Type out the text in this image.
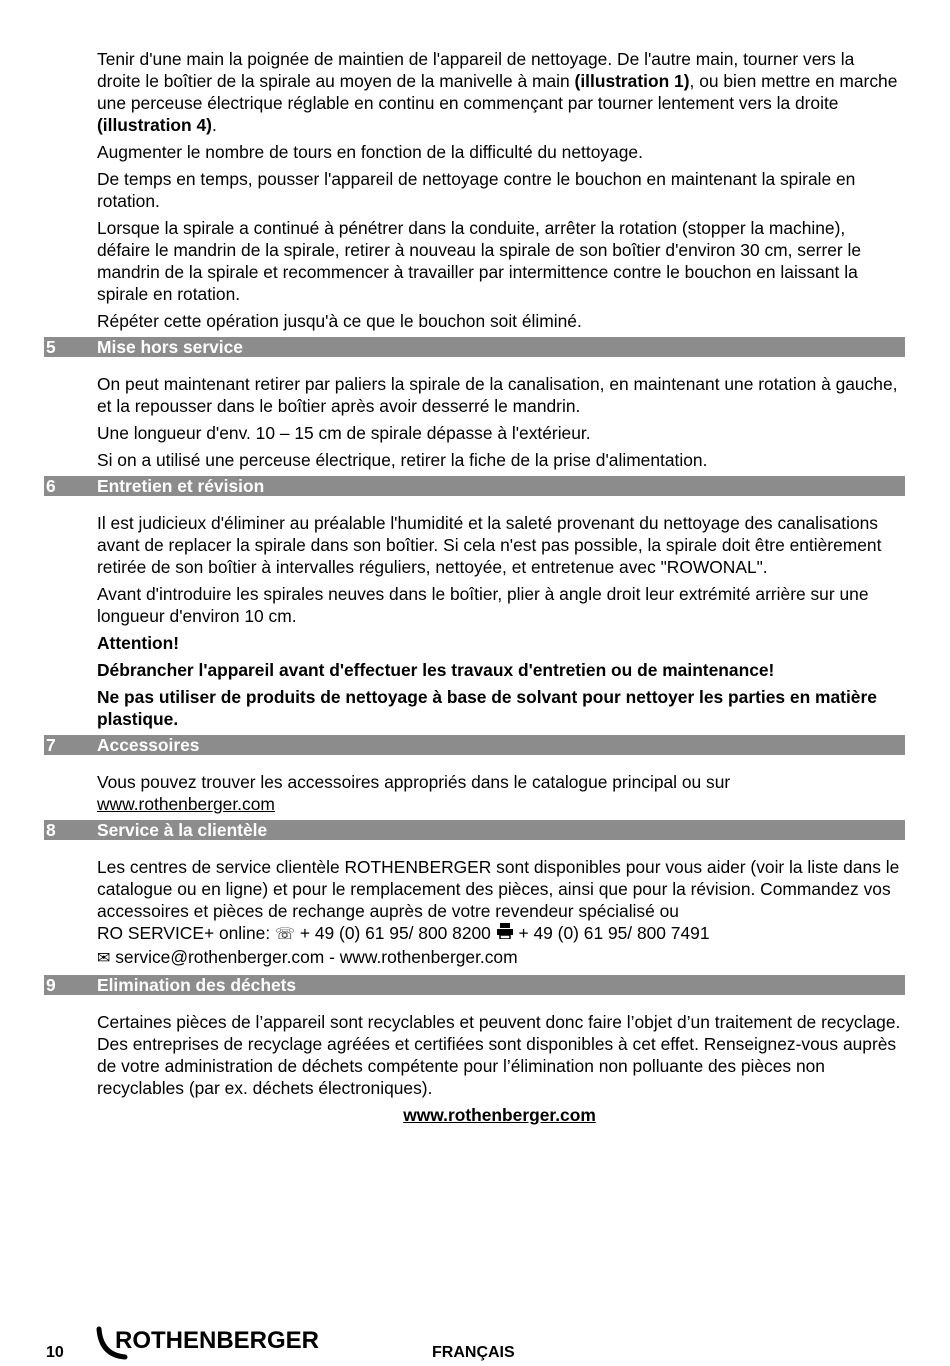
Tenir d'une main la poignée de maintien de l'appareil de nettoyage. De l'autre main, tourner vers la droite le boîtier de la spirale au moyen de la manivelle à main (illustration 1), ou bien mettre en marche une perceuse électrique réglable en continu en commençant par tourner lentement vers la droite (illustration 4).

Augmenter le nombre de tours en fonction de la difficulté du nettoyage.

De temps en temps, pousser l'appareil de nettoyage contre le bouchon en maintenant la spirale en rotation.

Lorsque la spirale a continué à pénétrer dans la conduite, arrêter la rotation (stopper la machine), défaire le mandrin de la spirale, retirer à nouveau la spirale de son boîtier d'environ 30 cm, serrer le mandrin de la spirale et recommencer à travailler par intermittence contre le bouchon en laissant la spirale en rotation.

Répéter cette opération jusqu'à ce que le bouchon soit éliminé.

5 Mise hors service

On peut maintenant retirer par paliers la spirale de la canalisation, en maintenant une rotation à gauche, et la repousser dans le boîtier après avoir desserré le mandrin.

Une longueur d'env. 10 – 15 cm de spirale dépasse à l'extérieur.

Si on a utilisé une perceuse électrique, retirer la fiche de la prise d'alimentation.

6 Entretien et révision

Il est judicieux d'éliminer au préalable l'humidité et la saleté provenant du nettoyage des canalisations avant de replacer la spirale dans son boîtier. Si cela n'est pas possible, la spirale doit être entièrement retirée de son boîtier à intervalles réguliers, nettoyée, et entretenue avec "ROWONAL".

Avant d'introduire les spirales neuves dans le boîtier, plier à angle droit leur extrémité arrière sur une longueur d'environ 10 cm.

Attention!

Débrancher l'appareil avant d'effectuer les travaux d'entretien ou de maintenance!

Ne pas utiliser de produits de nettoyage à base de solvant pour nettoyer les parties en matière plastique.

7 Accessoires

Vous pouvez trouver les accessoires appropriés dans le catalogue principal ou sur
www.rothenberger.com

8 Service à la clientèle

Les centres de service clientèle ROTHENBERGER sont disponibles pour vous aider (voir la liste dans le catalogue ou en ligne) et pour le remplacement des pièces, ainsi que pour la révision. Commandez vos accessoires et pièces de rechange auprès de votre revendeur spécialisé ou
RO SERVICE+ online: ☏ + 49 (0) 61 95/ 800 8200  + 49 (0) 61 95/ 800 7491
✉ service@rothenberger.com - www.rothenberger.com

9 Elimination des déchets

Certaines pièces de l’appareil sont recyclables et peuvent donc faire l’objet d’un traitement de recyclage. Des entreprises de recyclage agréées et certifiées sont disponibles à cet effet. Renseignez-vous auprès de votre administration de déchets compétente pour l’élimination non polluante des pièces non recyclables (par ex. déchets électroniques).

www.rothenberger.com

10 ROTHENBERGER	FRANÇAIS
